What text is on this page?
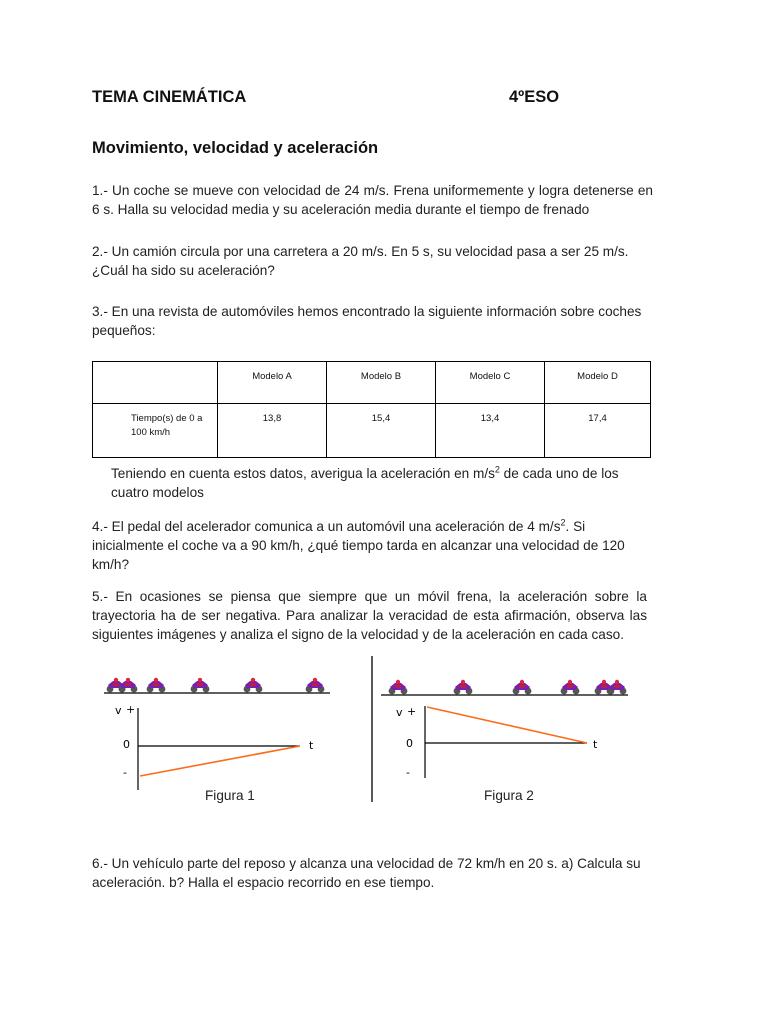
TEMA CINEMÁTICA	4ºESO
Movimiento, velocidad y aceleración
1.- Un coche se mueve con velocidad de 24 m/s. Frena uniformemente y logra detenerse en 6 s. Halla su velocidad media y su aceleración media durante el tiempo de frenado
2.- Un camión circula por una carretera a 20 m/s. En 5 s, su velocidad pasa a ser 25 m/s.
¿Cuál ha sido su aceleración?
3.- En una revista de automóviles hemos encontrado la siguiente información sobre coches pequeños:
	Modelo A	Modelo B	Modelo C	Modelo D
Tiempo(s) de 0 a 100 km/h	13,8	15,4	13,4	17,4
Teniendo en cuenta estos datos, averigua la aceleración en $m/s^2$ de cada uno de los cuatro modelos
4.- El pedal del acelerador comunica a un automóvil una aceleración de 4 $m/s^2$. Si inicialmente el coche va a 90 km/h, ¿qué tiempo tarda en alcanzar una velocidad de 120 km/h?
5.- En ocasiones se piensa que siempre que un móvil frena, la aceleración sobre la trayectoria ha de ser negativa. Para analizar la veracidad de esta afirmación, observa las siguientes imágenes y analiza el signo de la velocidad y de la aceleración en cada caso.
v +
0
-
t
v +
0
-
t
Figura 1	Figura 2
6.- Un vehículo parte del reposo y alcanza una velocidad de 72 km/h en 20 s. a) Calcula su aceleración. b? Halla el espacio recorrido en ese tiempo.
